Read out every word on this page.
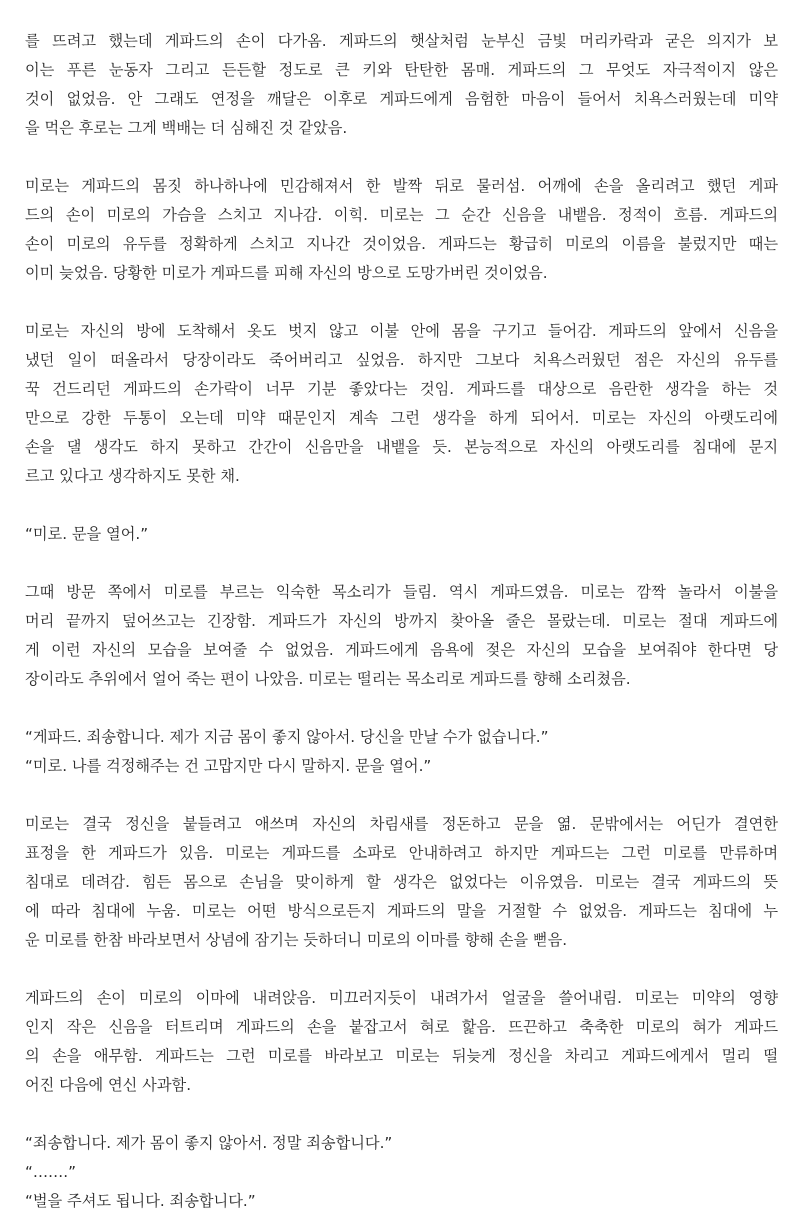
를 뜨려고 했는데 게파드의 손이 다가옴. 게파드의 햇살처럼 눈부신 금빛 머리카락과 굳은 의지가 보
이는 푸른 눈동자 그리고 든든할 정도로 큰 키와 탄탄한 몸매. 게파드의 그 무엇도 자극적이지 않은
것이 없었음. 안 그래도 연정을 깨달은 이후로 게파드에게 음험한 마음이 들어서 치욕스러웠는데 미약
을 먹은 후로는 그게 백배는 더 심해진 것 같았음.
미로는 게파드의 몸짓 하나하나에 민감해져서 한 발짝 뒤로 물러섬. 어깨에 손을 올리려고 했던 게파
드의 손이 미로의 가슴을 스치고 지나감. 이힉. 미로는 그 순간 신음을 내뱉음. 정적이 흐름. 게파드의
손이 미로의 유두를 정확하게 스치고 지나간 것이었음. 게파드는 황급히 미로의 이름을 불렀지만 때는
이미 늦었음. 당황한 미로가 게파드를 피해 자신의 방으로 도망가버린 것이었음.
미로는 자신의 방에 도착해서 옷도 벗지 않고 이불 안에 몸을 구기고 들어감. 게파드의 앞에서 신음을
냈던 일이 떠올라서 당장이라도 죽어버리고 싶었음. 하지만 그보다 치욕스러웠던 점은 자신의 유두를
꾹 건드리던 게파드의 손가락이 너무 기분 좋았다는 것임. 게파드를 대상으로 음란한 생각을 하는 것
만으로 강한 두통이 오는데 미약 때문인지 계속 그런 생각을 하게 되어서. 미로는 자신의 아랫도리에
손을 댈 생각도 하지 못하고 간간이 신음만을 내뱉을 듯. 본능적으로 자신의 아랫도리를 침대에 문지
르고 있다고 생각하지도 못한 채.
“미로. 문을 열어.”
그때 방문 쪽에서 미로를 부르는 익숙한 목소리가 들림. 역시 게파드였음. 미로는 깜짝 놀라서 이불을
머리 끝까지 덮어쓰고는 긴장함. 게파드가 자신의 방까지 찾아올 줄은 몰랐는데. 미로는 절대 게파드에
게 이런 자신의 모습을 보여줄 수 없었음. 게파드에게 음욕에 젖은 자신의 모습을 보여줘야 한다면 당
장이라도 추위에서 얼어 죽는 편이 나았음. 미로는 떨리는 목소리로 게파드를 향해 소리쳤음.
“게파드. 죄송합니다. 제가 지금 몸이 좋지 않아서. 당신을 만날 수가 없습니다.”
“미로. 나를 걱정해주는 건 고맙지만 다시 말하지. 문을 열어.”
미로는 결국 정신을 붙들려고 애쓰며 자신의 차림새를 정돈하고 문을 엶. 문밖에서는 어딘가 결연한
표정을 한 게파드가 있음. 미로는 게파드를 소파로 안내하려고 하지만 게파드는 그런 미로를 만류하며
침대로 데려감. 힘든 몸으로 손님을 맞이하게 할 생각은 없었다는 이유였음. 미로는 결국 게파드의 뜻
에 따라 침대에 누움. 미로는 어떤 방식으로든지 게파드의 말을 거절할 수 없었음. 게파드는 침대에 누
운 미로를 한참 바라보면서 상념에 잠기는 듯하더니 미로의 이마를 향해 손을 뻗음.
게파드의 손이 미로의 이마에 내려앉음. 미끄러지듯이 내려가서 얼굴을 쓸어내림. 미로는 미약의 영향
인지 작은 신음을 터트리며 게파드의 손을 붙잡고서 혀로 핥음. 뜨끈하고 축축한 미로의 혀가 게파드
의 손을 애무함. 게파드는 그런 미로를 바라보고 미로는 뒤늦게 정신을 차리고 게파드에게서 멀리 떨
어진 다음에 연신 사과함.
“죄송합니다. 제가 몸이 좋지 않아서. 정말 죄송합니다.”
“…….”
“벌을 주셔도 됩니다. 죄송합니다.”
